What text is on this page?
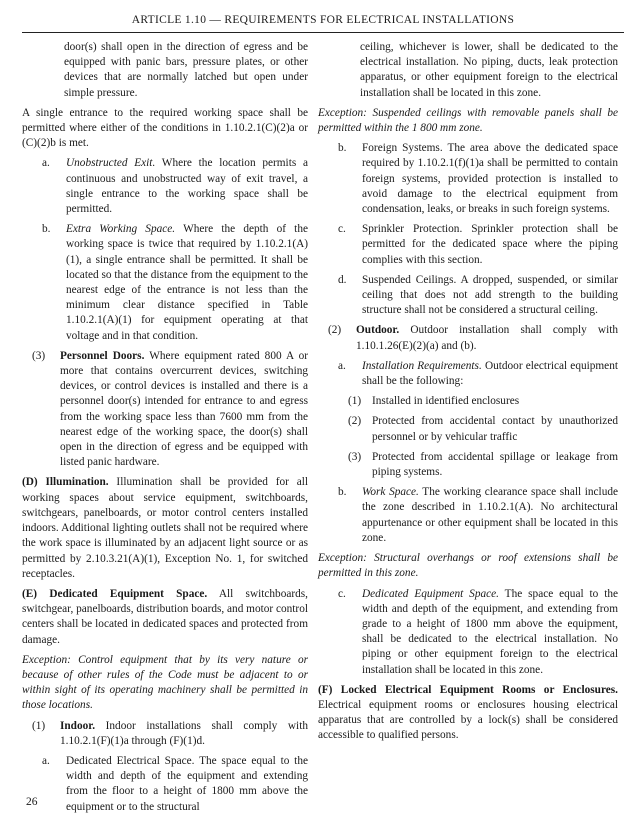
ARTICLE 1.10 — REQUIREMENTS FOR ELECTRICAL INSTALLATIONS

door(s) shall open in the direction of egress and be equipped with panic bars, pressure plates, or other devices that are normally latched but open under simple pressure.

A single entrance to the required working space shall be permitted where either of the conditions in 1.10.2.1(C)(2)a or (C)(2)b is met.

a.	Unobstructed Exit. Where the location permits a continuous and unobstructed way of exit travel, a single entrance to the working space shall be permitted.
b.	Extra Working Space. Where the depth of the working space is twice that required by 1.10.2.1(A)(1), a single entrance shall be permitted. It shall be located so that the distance from the equipment to the nearest edge of the entrance is not less than the minimum clear distance specified in Table 1.10.2.1(A)(1) for equipment operating at that voltage and in that condition.
(3)	Personnel Doors. Where equipment rated 800 A or more that contains overcurrent devices, switching devices, or control devices is installed and there is a personnel door(s) intended for entrance to and egress from the working space less than 7600 mm from the nearest edge of the working space, the door(s) shall open in the direction of egress and be equipped with listed panic hardware.

(D) Illumination. Illumination shall be provided for all working spaces about service equipment, switchboards, switchgears, panelboards, or motor control centers installed indoors. Additional lighting outlets shall not be required where the work space is illuminated by an adjacent light source or as permitted by 2.10.3.21(A)(1), Exception No. 1, for switched receptacles.

(E) Dedicated Equipment Space. All switchboards, switchgear, panelboards, distribution boards, and motor control centers shall be located in dedicated spaces and protected from damage.

Exception: Control equipment that by its very nature or because of other rules of the Code must be adjacent to or within sight of its operating machinery shall be permitted in those locations.

(1)	Indoor. Indoor installations shall comply with 1.10.2.1(F)(1)a through (F)(1)d.
a.	Dedicated Electrical Space. The space equal to the width and depth of the equipment and extending from the floor to a height of 1800 mm above the equipment or to the structural

ceiling, whichever is lower, shall be dedicated to the electrical installation. No piping, ducts, leak protection apparatus, or other equipment foreign to the electrical installation shall be located in this zone.

Exception: Suspended ceilings with removable panels shall be permitted within the 1 800 mm zone.

b.	Foreign Systems. The area above the dedicated space required by 1.10.2.1(f)(1)a shall be permitted to contain foreign systems, provided protection is installed to avoid damage to the electrical equipment from condensation, leaks, or breaks in such foreign systems.
c.	Sprinkler Protection. Sprinkler protection shall be permitted for the dedicated space where the piping complies with this section.
d.	Suspended Ceilings. A dropped, suspended, or similar ceiling that does not add strength to the building structure shall not be considered a structural ceiling.
(2)	Outdoor. Outdoor installation shall comply with 1.10.1.26(E)(2)(a) and (b).
a.	Installation Requirements. Outdoor electrical equipment shall be the following:
(1) Installed in identified enclosures
(2) Protected from accidental contact by unauthorized personnel or by vehicular traffic
(3) Protected from accidental spillage or leakage from piping systems.
b.	Work Space. The working clearance space shall include the zone described in 1.10.2.1(A). No architectural appurtenance or other equipment shall be located in this zone.

Exception: Structural overhangs or roof extensions shall be permitted in this zone.

c.	Dedicated Equipment Space. The space equal to the width and depth of the equipment, and extending from grade to a height of 1800 mm above the equipment, shall be dedicated to the electrical installation. No piping or other equipment foreign to the electrical installation shall be located in this zone.

(F) Locked Electrical Equipment Rooms or Enclosures. Electrical equipment rooms or enclosures housing electrical apparatus that are controlled by a lock(s) shall be considered accessible to qualified persons.

26
